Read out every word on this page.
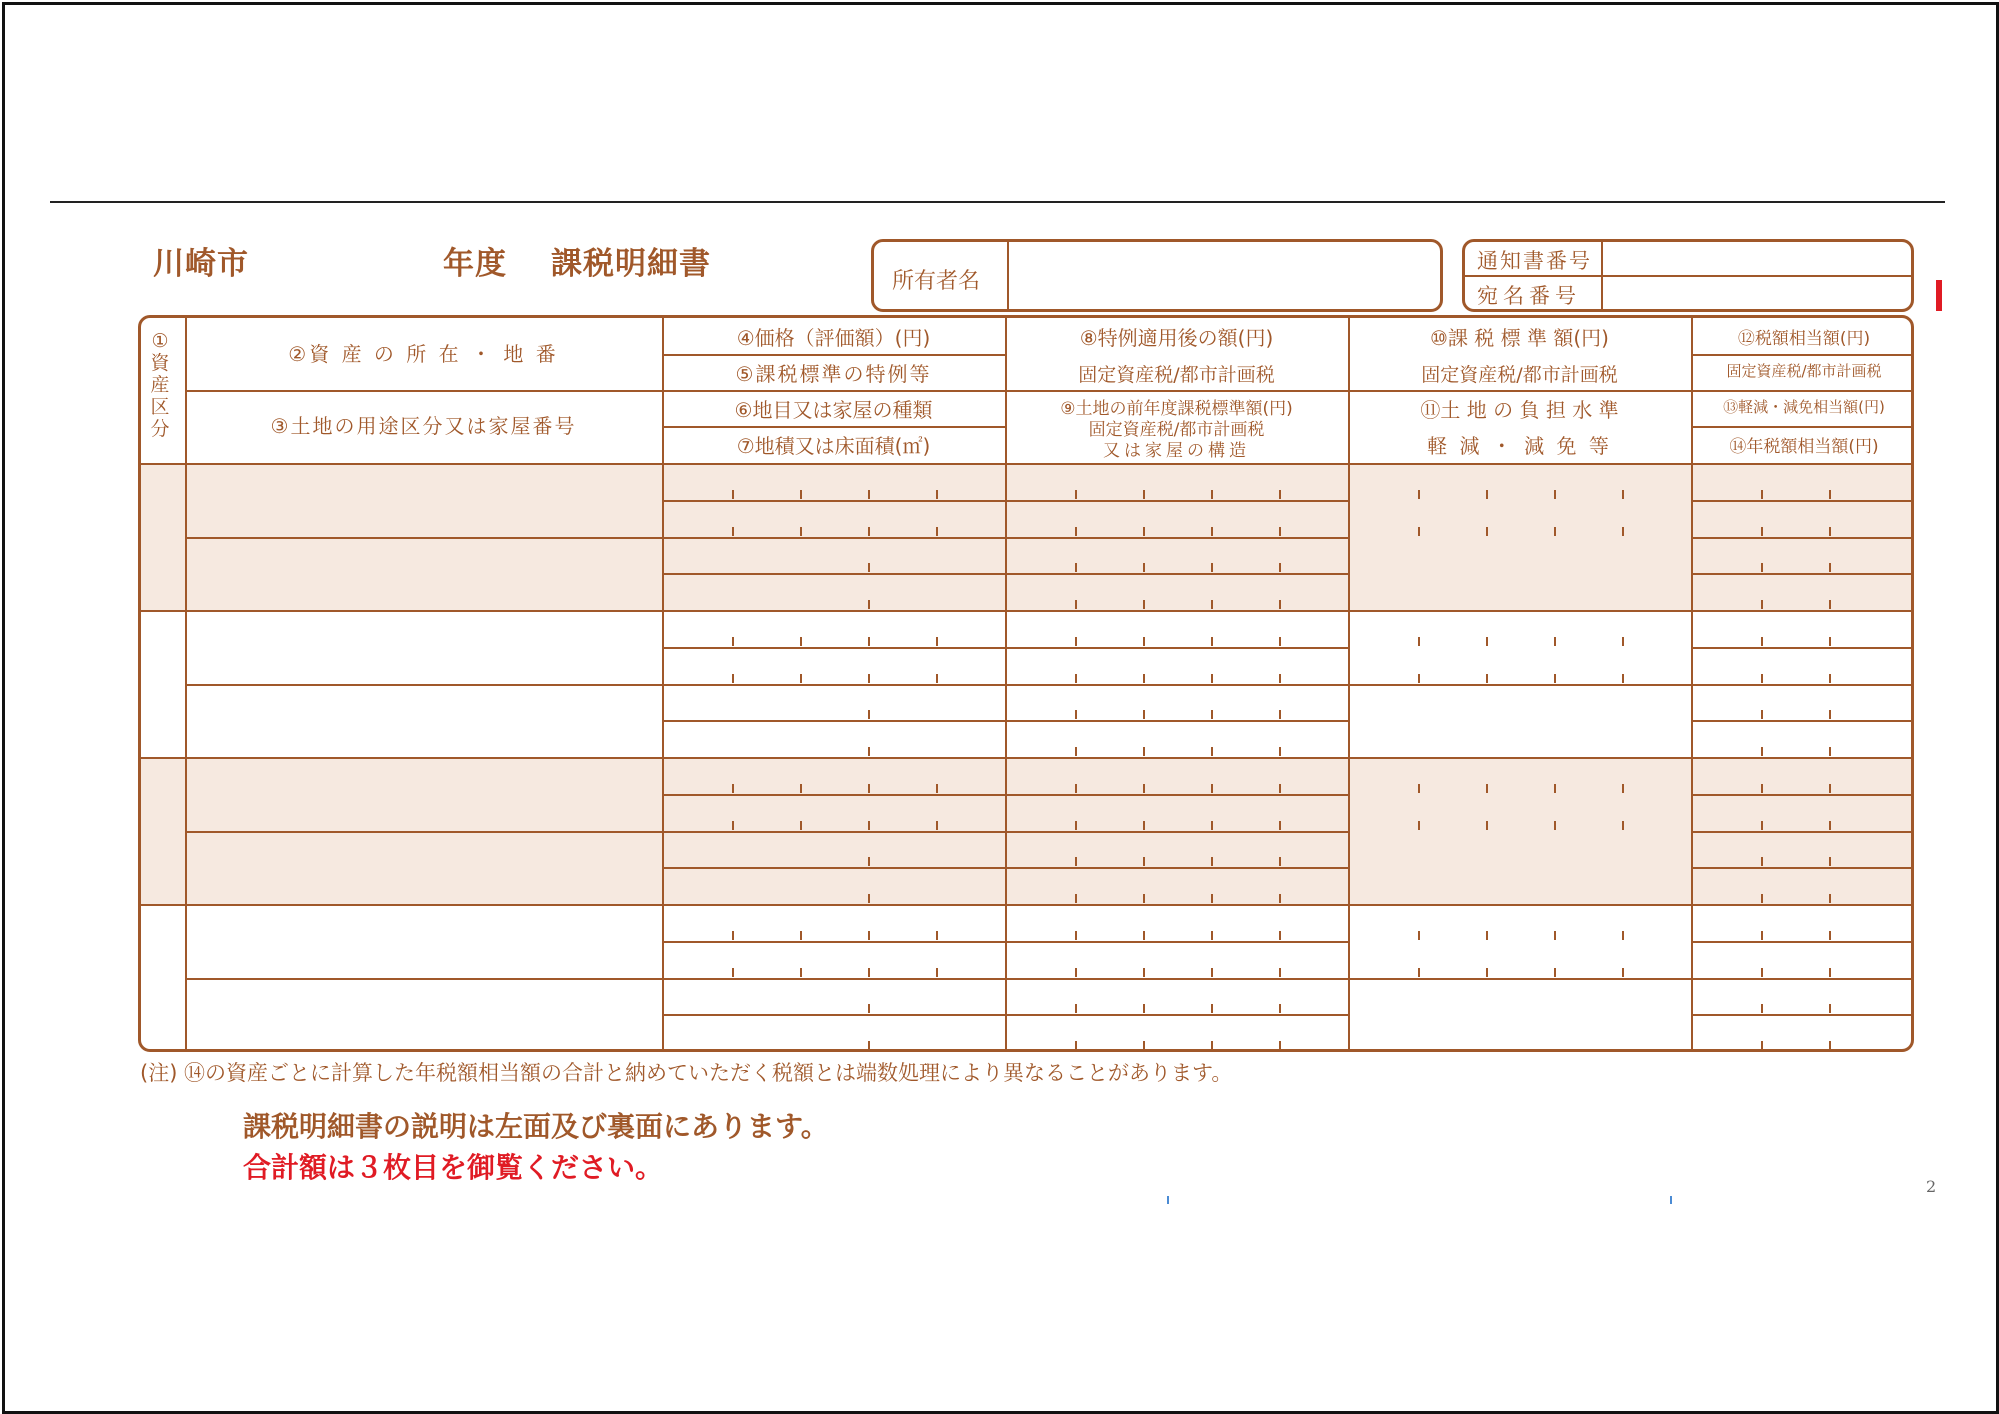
川崎市	年度 課税明細書	所有者名
通知書番号
宛名番号
①資産区分
②資 産 の 所 在 ・ 地 番
③土地の用途区分又は家屋番号
④価格（評価額）(円)
⑤課税標準の特例等
⑥地目又は家屋の種類
⑦地積又は床面積(㎡)
⑧特例適用後の額(円)
固定資産税/都市計画税
⑨土地の前年度課税標準額(円)
固定資産税/都市計画税
又は家屋の構造
⑩課 税 標 準 額(円)
固定資産税/都市計画税
⑪土 地 の 負 担 水 準
軽 減 ・ 減 免 等
⑫税額相当額(円)
固定資産税/都市計画税
⑬軽減・減免相当額(円)
⑭年税額相当額(円)
(注) ⑭の資産ごとに計算した年税額相当額の合計と納めていただく税額とは端数処理により異なることがあります。
課税明細書の説明は左面及び裏面にあります。
合計額は３枚目を御覧ください。
2
